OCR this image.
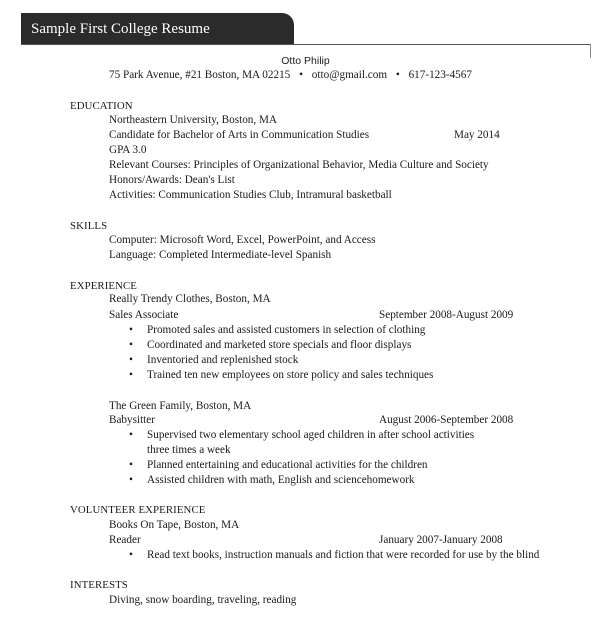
Sample First College Resume
Otto Philip
75 Park Avenue, #21 Boston, MA 02215 • otto@gmail.com • 617-123-4567
EDUCATION
Northeastern University, Boston, MA
Candidate for Bachelor of Arts in Communication Studies	May 2014
GPA 3.0
Relevant Courses: Principles of Organizational Behavior, Media Culture and Society
Honors/Awards: Dean's List
Activities: Communication Studies Club, Intramural basketball
SKILLS
Computer: Microsoft Word, Excel, PowerPoint, and Access
Language: Completed Intermediate-level Spanish
EXPERIENCE
Really Trendy Clothes, Boston, MA
Sales Associate	September 2008-August 2009
• Promoted sales and assisted customers in selection of clothing
• Coordinated and marketed store specials and floor displays
• Inventoried and replenished stock
• Trained ten new employees on store policy and sales techniques
The Green Family, Boston, MA
Babysitter	August 2006-September 2008
• Supervised two elementary school aged children in after school activities
three times a week
• Planned entertaining and educational activities for the children
• Assisted children with math, English and sciencehomework
VOLUNTEER EXPERIENCE
Books On Tape, Boston, MA
Reader	January 2007-January 2008
• Read text books, instruction manuals and fiction that were recorded for use by the blind
INTERESTS
Diving, snow boarding, traveling, reading
